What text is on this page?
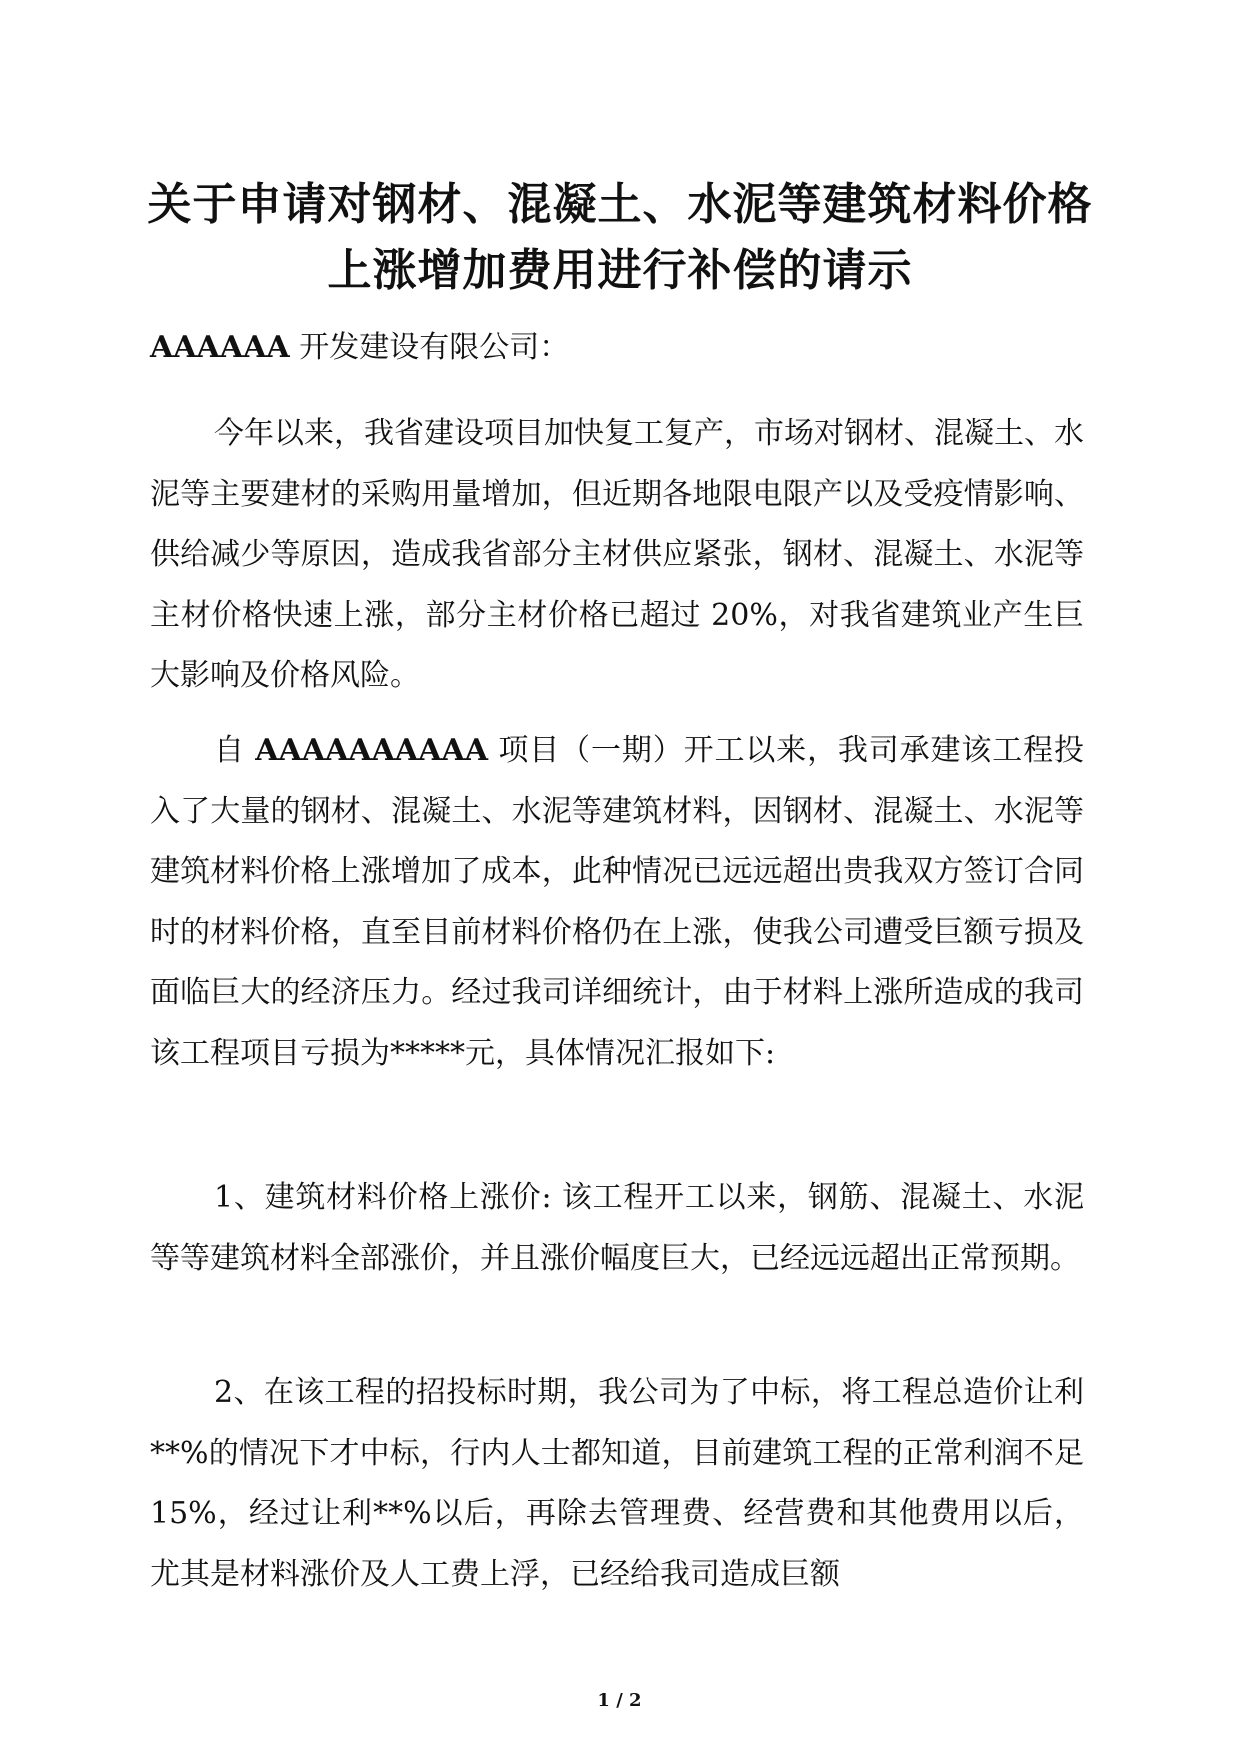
关于申请对钢材、混凝土、水泥等建筑材料价格
上涨增加费用进行补偿的请示
AAAAAA 开发建设有限公司：

今年以来，我省建设项目加快复工复产，市场对钢材、混凝土、水泥等主要建材的采购用量增加，但近期各地限电限产以及受疫情影响、供给减少等原因，造成我省部分主材供应紧张，钢材、混凝土、水泥等主材价格快速上涨，部分主材价格已超过 20%，对我省建筑业产生巨大影响及价格风险。

自 AAAAAAAAAA 项目（一期）开工以来，我司承建该工程投入了大量的钢材、混凝土、水泥等建筑材料，因钢材、混凝土、水泥等建筑材料价格上涨增加了成本，此种情况已远远超出贵我双方签订合同时的材料价格，直至目前材料价格仍在上涨，使我公司遭受巨额亏损及面临巨大的经济压力。经过我司详细统计，由于材料上涨所造成的我司该工程项目亏损为*****元，具体情况汇报如下:

1、建筑材料价格上涨价: 该工程开工以来，钢筋、混凝土、水泥等等建筑材料全部涨价，并且涨价幅度巨大，已经远远超出正常预期。

2、在该工程的招投标时期，我公司为了中标，将工程总造价让利**%的情况下才中标，行内人士都知道，目前建筑工程的正常利润不足 15%，经过让利**%以后，再除去管理费、经营费和其他费用以后，尤其是材料涨价及人工费上浮，已经给我司造成巨额

1 / 2
